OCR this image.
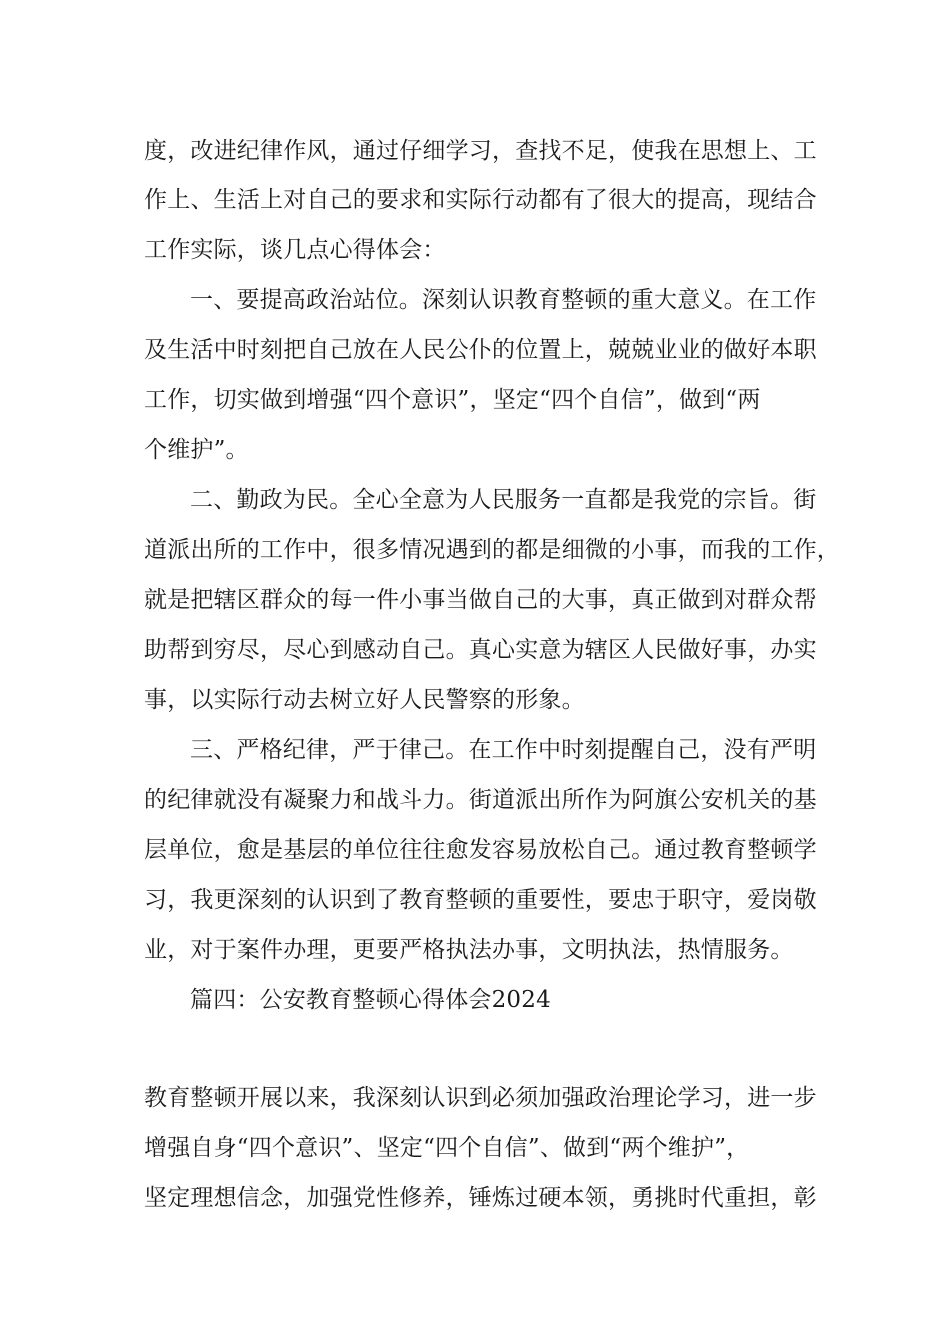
度，改进纪律作风，通过仔细学习，查找不足，使我在思想上、工
作上、生活上对自己的要求和实际行动都有了很大的提高，现结合
工作实际，谈几点心得体会：
一、要提高政治站位。深刻认识教育整顿的重大意义。在工作
及生活中时刻把自己放在人民公仆的位置上，兢兢业业的做好本职
工作，切实做到增强“四个意识”，坚定“四个自信”，做到“两
个维护”。
二、勤政为民。全心全意为人民服务一直都是我党的宗旨。街
道派出所的工作中，很多情况遇到的都是细微的小事，而我的工作，
就是把辖区群众的每一件小事当做自己的大事，真正做到对群众帮
助帮到穷尽，尽心到感动自己。真心实意为辖区人民做好事，办实
事，以实际行动去树立好人民警察的形象。
三、严格纪律，严于律己。在工作中时刻提醒自己，没有严明
的纪律就没有凝聚力和战斗力。街道派出所作为阿旗公安机关的基
层单位，愈是基层的单位往往愈发容易放松自己。通过教育整顿学
习，我更深刻的认识到了教育整顿的重要性，要忠于职守，爱岗敬
业，对于案件办理，更要严格执法办事，文明执法，热情服务。
篇四：公安教育整顿心得体会2024
教育整顿开展以来，我深刻认识到必须加强政治理论学习，进一步
增强自身“四个意识”、坚定“四个自信”、做到“两个维护”，
坚定理想信念，加强党性修养，锤炼过硬本领，勇挑时代重担，彰
